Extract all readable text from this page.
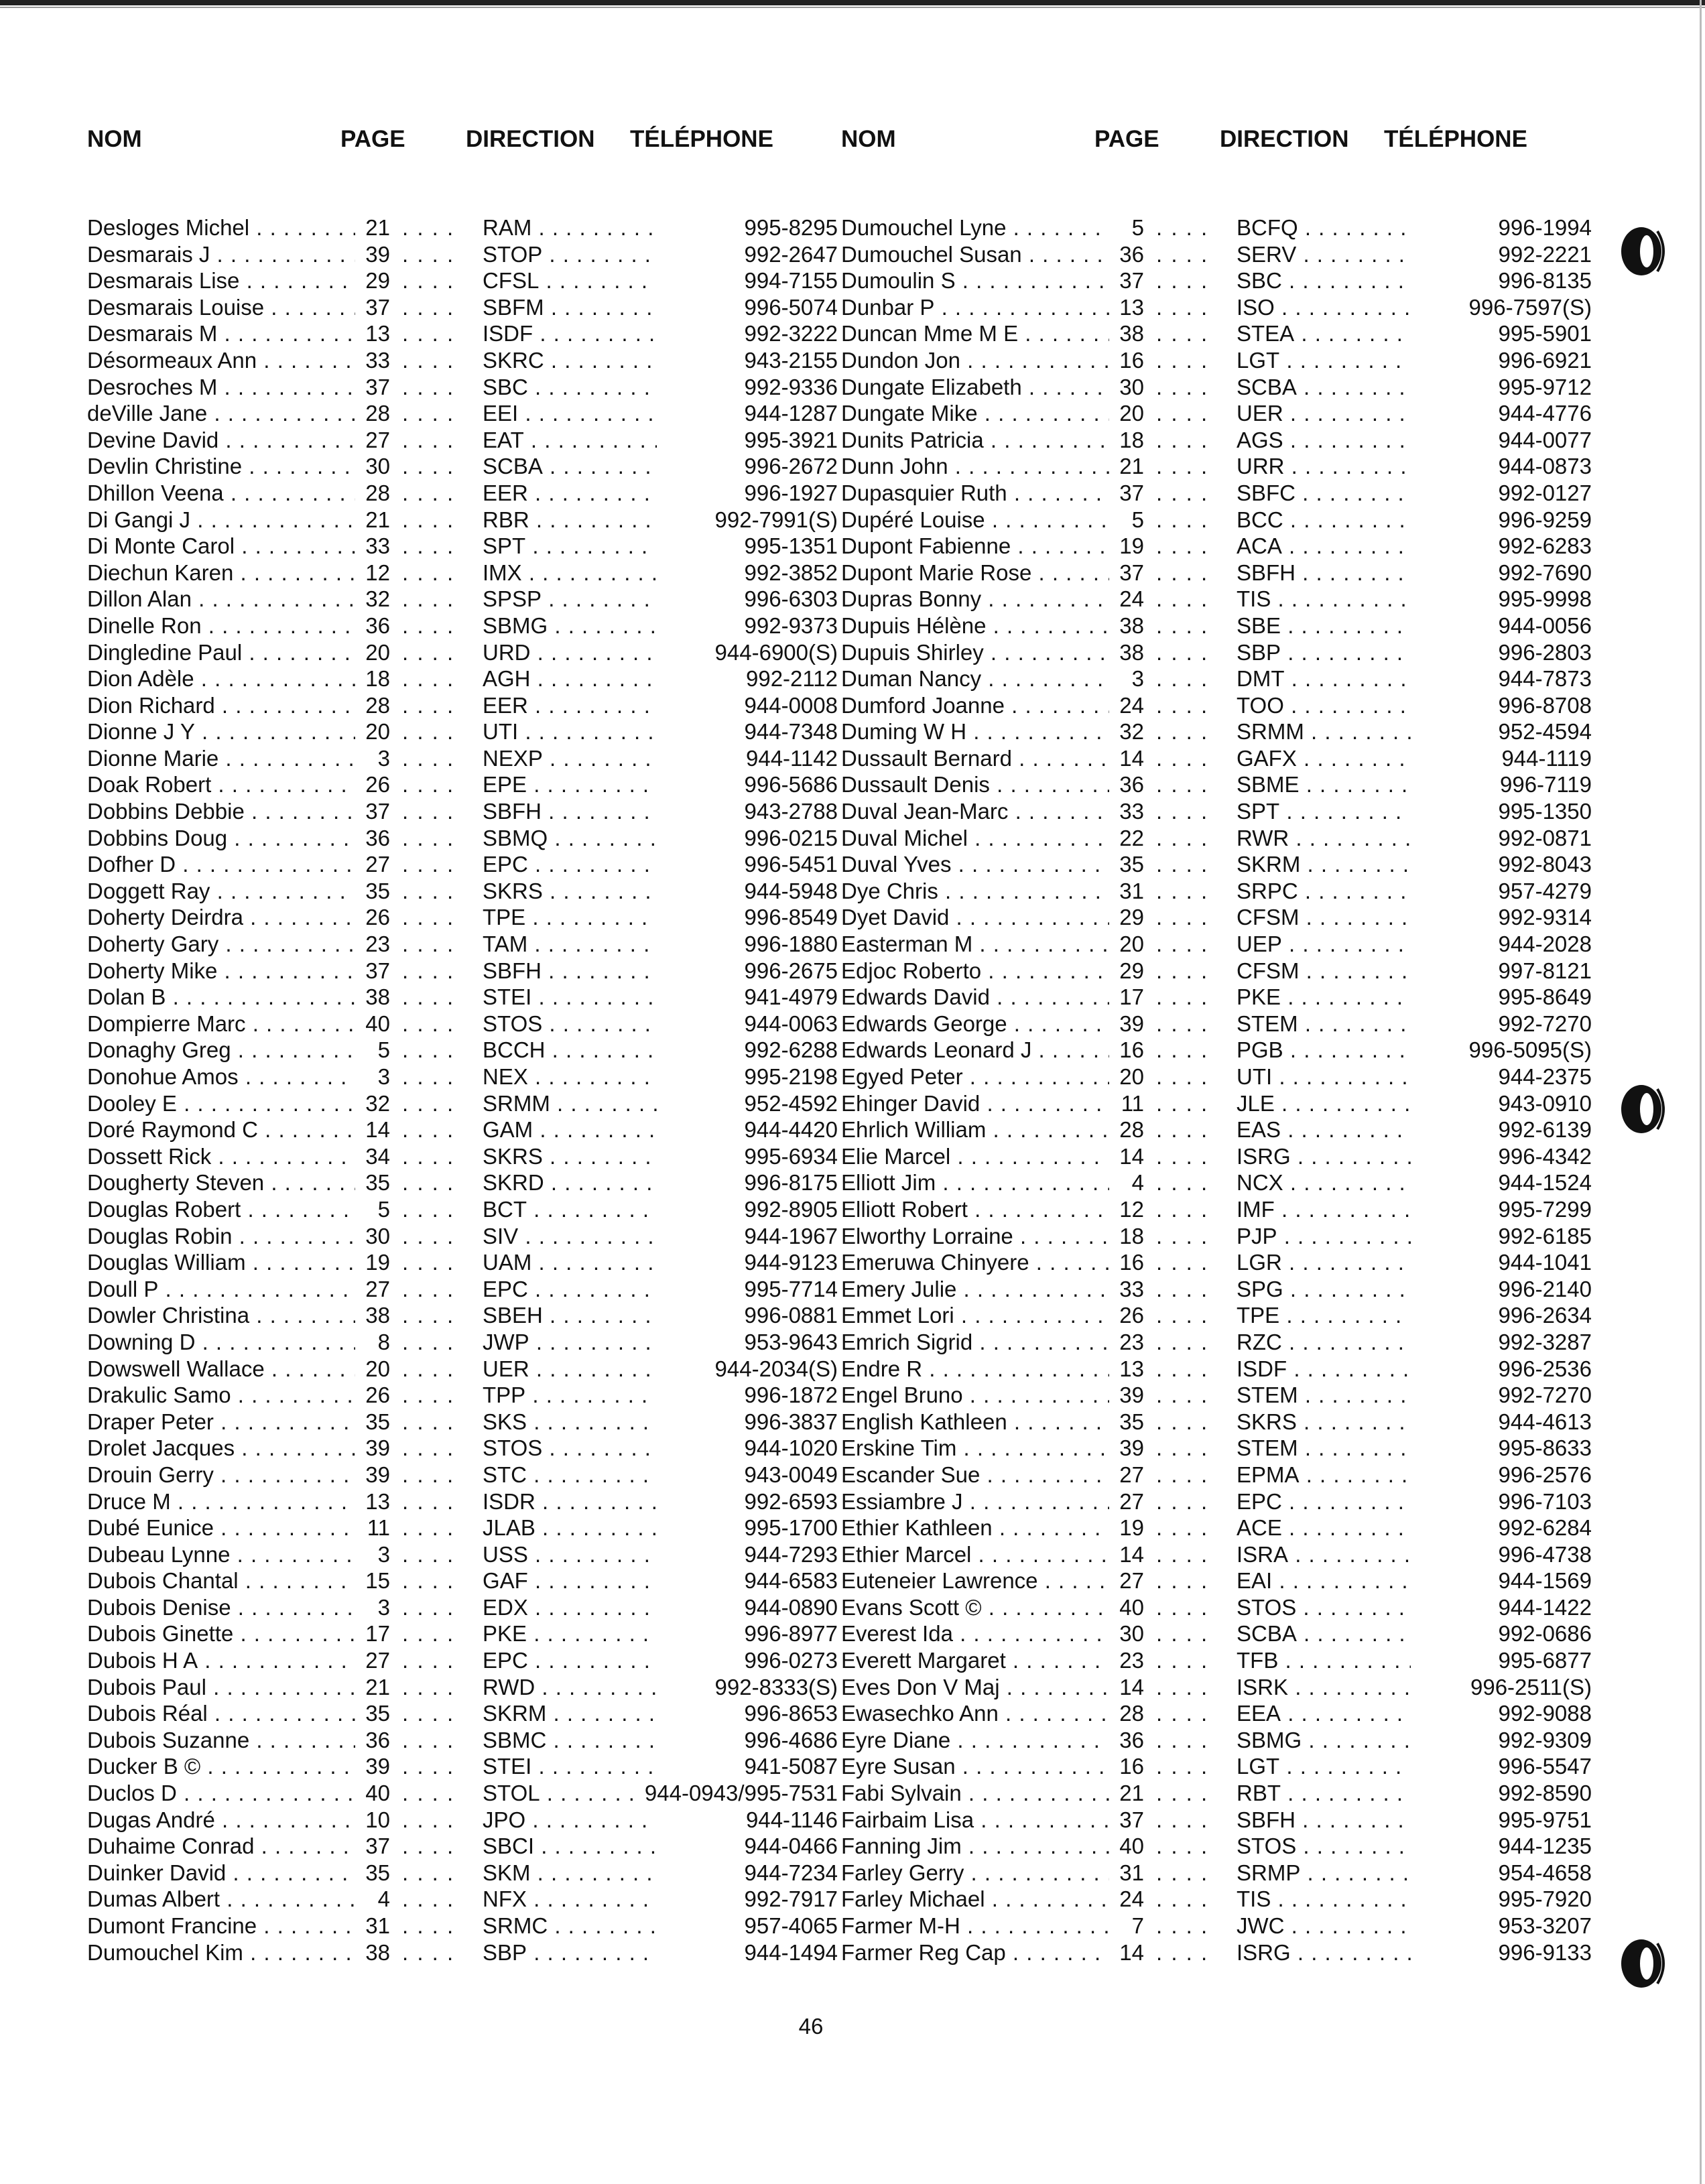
NOM	PAGE	DIRECTION TÉLÉPHONE
Desloges Michel . . .	21	RAM . . .	995-8295
. . . .
Desmarais J . . .	39	STOP . . .	992-2647
. . . .
Desmarais Lise . . .	29	CFSL . . .	994-7155
. . . .
Desmarais Louise . . .	37	SBFM . . .	996-5074
. . . .
Desmarais M . . .	13	ISDF . . .	992-3222
. . . .
Désormeaux Ann . . .	33	SKRC . . .	943-2155
. . . .
Desroches M . . .	37	SBC . . .	992-9336
. . . .
deVille Jane . . .	28	EEI . . .	944-1287
. . . .
Devine David . . .	27	EAT . . .	995-3921
. . . .
Devlin Christine . . .	30	SCBA . . .	996-2672
. . . .
Dhillon Veena . . .	28	EER . . .	996-1927
. . . .
Di Gangi J . . .	21	RBR . . .	992-7991(S)
. . . .
Di Monte Carol . . .	33	SPT . . .	995-1351
. . . .
Diechun Karen . . .	12	IMX . . .	992-3852
. . . .
Dillon Alan . . .	32	SPSP . . .	996-6303
. . . .
Dinelle Ron . . .	36	SBMG . . .	992-9373
. . . .
Dingledine Paul . . .	20	URD . . .	944-6900(S)
. . . .
Dion Adèle . . .	18	AGH . . .	992-2112
. . . .
Dion Richard . . .	28	EER . . .	944-0008
. . . .
Dionne J Y . . .	20	UTI . . .	944-7348
. . . .
Dionne Marie . . .	3	NEXP . . .	944-1142
. . . .
Doak Robert . . .	26	EPE . . .	996-5686
. . . .
Dobbins Debbie . . .	37	SBFH . . .	943-2788
. . . .
Dobbins Doug . . .	36	SBMQ . . .	996-0215
. . . .
Dofher D . . .	27	EPC . . .	996-5451
. . . .
Doggett Ray . . .	35	SKRS . . .	944-5948
. . . .
Doherty Deirdra . . .	26	TPE . . .	996-8549
. . . .
Doherty Gary . . .	23	TAM . . .	996-1880
. . . .
Doherty Mike . . .	37	SBFH . . .	996-2675
. . . .
Dolan B . . .	38	STEI . . .	941-4979
. . . .
Dompierre Marc . . .	40	STOS . . .	944-0063
. . . .
Donaghy Greg . . .	5	BCCH . . .	992-6288
. . . .
Donohue Amos . . .	3	NEX . . .	995-2198
. . . .
Dooley E . . .	32	SRMM . . .	952-4592
. . . .
Doré Raymond C . . .	14	GAM . . .	944-4420
. . . .
Dossett Rick . . .	34	SKRS . . .	995-6934
. . . .
Dougherty Steven . . .	35	SKRD . . .	996-8175
. . . .
Douglas Robert . . .	5	BCT . . .	992-8905
. . . .
Douglas Robin . . .	30	SIV . . .	944-1967
. . . .
Douglas William . . .	19	UAM . . .	944-9123
. . . .
Doull P . . .	27	EPC . . .	995-7714
. . . .
Dowler Christina . . .	38	SBEH . . .	996-0881
. . . .
Downing D . . .	8	JWP . . .	953-9643
. . . .
Dowswell Wallace . . .	20	UER . . .	944-2034(S)
. . . .
Drakulic Samo . . .	26	TPP . . .	996-1872
. . . .
Draper Peter . . .	35	SKS . . .	996-3837
. . . .
Drolet Jacques . . .	39	STOS . . .	944-1020
. . . .
Drouin Gerry . . .	39	STC . . .	943-0049
. . . .
Druce M . . .	13	ISDR . . .	992-6593
. . . .
Dubé Eunice . . .	11	JLAB . . .	995-1700
. . . .
Dubeau Lynne . . .	3	USS . . .	944-7293
. . . .
Dubois Chantal . . .	15	GAF . . .	944-6583
. . . .
Dubois Denise . . .	3	EDX . . .	944-0890
. . . .
Dubois Ginette . . .	17	PKE . . .	996-8977
. . . .
Dubois H A . . .	27	EPC . . .	996-0273
. . . .
Dubois Paul . . .	21	RWD . . .	992-8333(S)
. . . .
Dubois Réal . . .	35	SKRM . . .	996-8653
. . . .
Dubois Suzanne . . .	36	SBMC . . .	996-4686
. . . .
Ducker B © . . .	39	STEI . . .	941-5087
. . . .
Duclos D . . .	40	STOL . . .	944-0943/995-7531
. . . .
Dugas André . . .	10	JPO . . .	944-1146
. . . .
Duhaime Conrad . . .	37	SBCI . . .	944-0466
. . . .
Duinker David . . .	35	SKM . . .	944-7234
. . . .
Dumas Albert . . .	4	NFX . . .	992-7917
. . . .
Dumont Francine . . .	31	SRMC . . .	957-4065
. . . .
Dumouchel Kim . . .	38	SBP . . .	944-1494
. . . .
NOM	PAGE	DIRECTION TÉLÉPHONE
Dumouchel Lyne . . .	5	BCFQ . . .	996-1994
. . . .
Dumouchel Susan . . .	36	SERV . . .	992-2221
. . . .
Dumoulin S . . .	37	SBC . . .	996-8135
. . . .
Dunbar P . . .	13	ISO . . .	996-7597(S)
. . . .
Duncan Mme M E . . .	38	STEA . . .	995-5901
. . . .
Dundon Jon . . .	16	LGT . . .	996-6921
. . . .
Dungate Elizabeth . . .	30	SCBA . . .	995-9712
. . . .
Dungate Mike . . .	20	UER . . .	944-4776
. . . .
Dunits Patricia . . .	18	AGS . . .	944-0077
. . . .
Dunn John . . .	21	URR . . .	944-0873
. . . .
Dupasquier Ruth . . .	37	SBFC . . .	992-0127
. . . .
Dupéré Louise . . .	5	BCC . . .	996-9259
. . . .
Dupont Fabienne . . .	19	ACA . . .	992-6283
. . . .
Dupont Marie Rose . . .	37	SBFH . . .	992-7690
. . . .
Dupras Bonny . . .	24	TIS . . .	995-9998
. . . .
Dupuis Hélène . . .	38	SBE . . .	944-0056
. . . .
Dupuis Shirley . . .	38	SBP . . .	996-2803
. . . .
Duman Nancy . . .	3	DMT . . .	944-7873
. . . .
Dumford Joanne . . .	24	TOO . . .	996-8708
. . . .
Duming W H . . .	32	SRMM . . .	952-4594
. . . .
Dussault Bernard . . .	14	GAFX . . .	944-1119
. . . .
Dussault Denis . . .	36	SBME . . .	996-7119
. . . .
Duval Jean-Marc . . .	33	SPT . . .	995-1350
. . . .
Duval Michel . . .	22	RWR . . .	992-0871
. . . .
Duval Yves . . .	35	SKRM . . .	992-8043
. . . .
Dye Chris . . .	31	SRPC . . .	957-4279
. . . .
Dyet David . . .	29	CFSM . . .	992-9314
. . . .
Easterman M . . .	20	UEP . . .	944-2028
. . . .
Edjoc Roberto . . .	29	CFSM . . .	997-8121
. . . .
Edwards David . . .	17	PKE . . .	995-8649
. . . .
Edwards George . . .	39	STEM . . .	992-7270
. . . .
Edwards Leonard J . . .	16	PGB . . .	996-5095(S)
. . . .
Egyed Peter . . .	20	UTI . . .	944-2375
. . . .
Ehinger David . . .	11	JLE . . .	943-0910
. . . .
Ehrlich William . . .	28	EAS . . .	992-6139
. . . .
Elie Marcel . . .	14	ISRG . . .	996-4342
. . . .
Elliott Jim . . .	4	NCX . . .	944-1524
. . . .
Elliott Robert . . .	12	IMF . . .	995-7299
. . . .
Elworthy Lorraine . . .	18	PJP . . .	992-6185
. . . .
Emeruwa Chinyere . . .	16	LGR . . .	944-1041
. . . .
Emery Julie . . .	33	SPG . . .	996-2140
. . . .
Emmet Lori . . .	26	TPE . . .	996-2634
. . . .
Emrich Sigrid . . .	23	RZC . . .	992-3287
. . . .
Endre R . . .	13	ISDF . . .	996-2536
. . . .
Engel Bruno . . .	39	STEM . . .	992-7270
. . . .
English Kathleen . . .	35	SKRS . . .	944-4613
. . . .
Erskine Tim . . .	39	STEM . . .	995-8633
. . . .
Escander Sue . . .	27	EPMA . . .	996-2576
. . . .
Essiambre J . . .	27	EPC . . .	996-7103
. . . .
Ethier Kathleen . . .	19	ACE . . .	992-6284
. . . .
Ethier Marcel . . .	14	ISRA . . .	996-4738
. . . .
Euteneier Lawrence . . .	27	EAI . . .	944-1569
. . . .
Evans Scott © . . .	40	STOS . . .	944-1422
. . . .
Everest Ida . . .	30	SCBA . . .	992-0686
. . . .
Everett Margaret . . .	23	TFB . . .	995-6877
. . . .
Eves Don V Maj . . .	14	ISRK . . .	996-2511(S)
. . . .
Ewasechko Ann . . .	28	EEA . . .	992-9088
. . . .
Eyre Diane . . .	36	SBMG . . .	992-9309
. . . .
Eyre Susan . . .	16	LGT . . .	996-5547
. . . .
Fabi Sylvain . . .	21	RBT . . .	992-8590
. . . .
Fairbaim Lisa . . .	37	SBFH . . .	995-9751
. . . .
Fanning Jim . . .	40	STOS . . .	944-1235
. . . .
Farley Gerry . . .	31	SRMP . . .	954-4658
. . . .
Farley Michael . . .	24	TIS . . .	995-7920
. . . .
Farmer M-H . . .	7	JWC . . .	953-3207
. . . .
Farmer Reg Cap . . .	14	ISRG . . .	996-9133
. . . .
46
